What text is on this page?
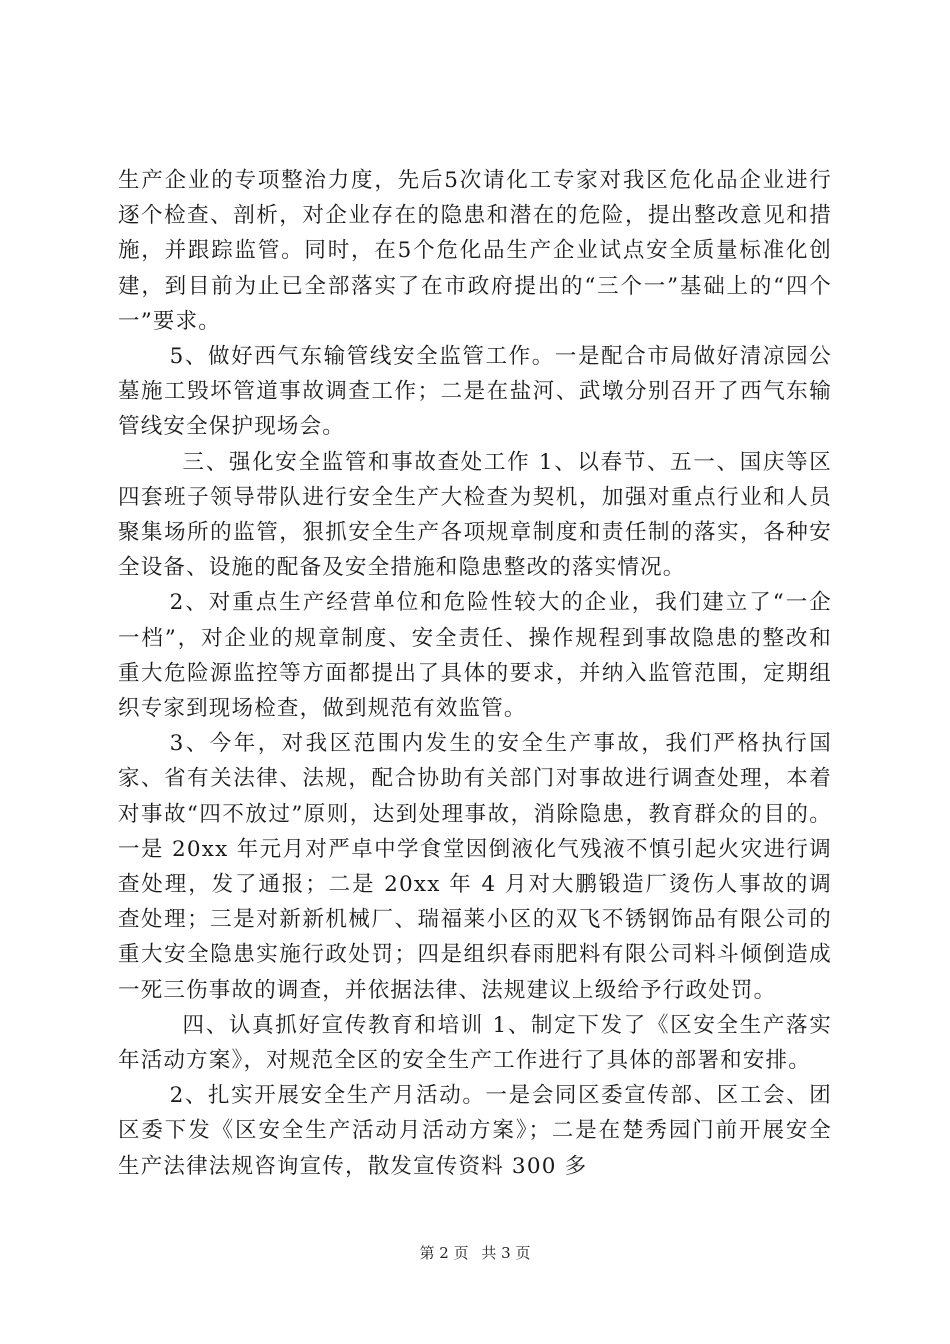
生产企业的专项整治力度，先后5次请化工专家对我区危化品企业进行逐个检查、剖析，对企业存在的隐患和潜在的危险，提出整改意见和措施，并跟踪监管。同时，在5个危化品生产企业试点安全质量标准化创建，到目前为止已全部落实了在市政府提出的“三个一”基础上的“四个一”要求。

5、做好西气东输管线安全监管工作。一是配合市局做好清凉园公墓施工毁坏管道事故调查工作；二是在盐河、武墩分别召开了西气东输管线安全保护现场会。

三、强化安全监管和事故查处工作 1、以春节、五一、国庆等区四套班子领导带队进行安全生产大检查为契机，加强对重点行业和人员聚集场所的监管，狠抓安全生产各项规章制度和责任制的落实，各种安全设备、设施的配备及安全措施和隐患整改的落实情况。

2、对重点生产经营单位和危险性较大的企业，我们建立了“一企一档”，对企业的规章制度、安全责任、操作规程到事故隐患的整改和重大危险源监控等方面都提出了具体的要求，并纳入监管范围，定期组织专家到现场检查，做到规范有效监管。

3、今年，对我区范围内发生的安全生产事故，我们严格执行国家、省有关法律、法规，配合协助有关部门对事故进行调查处理，本着对事故“四不放过”原则，达到处理事故，消除隐患，教育群众的目的。一是 20xx 年元月对严卓中学食堂因倒液化气残液不慎引起火灾进行调查处理，发了通报；二是 20xx 年 4 月对大鹏锻造厂烫伤人事故的调查处理；三是对新新机械厂、瑞福莱小区的双飞不锈钢饰品有限公司的重大安全隐患实施行政处罚；四是组织春雨肥料有限公司料斗倾倒造成一死三伤事故的调查，并依据法律、法规建议上级给予行政处罚。

四、认真抓好宣传教育和培训 1、制定下发了《区安全生产落实年活动方案》，对规范全区的安全生产工作进行了具体的部署和安排。

2、扎实开展安全生产月活动。一是会同区委宣传部、区工会、团区委下发《区安全生产活动月活动方案》；二是在楚秀园门前开展安全生产法律法规咨询宣传，散发宣传资料 300 多

第 2 页 共 3 页
